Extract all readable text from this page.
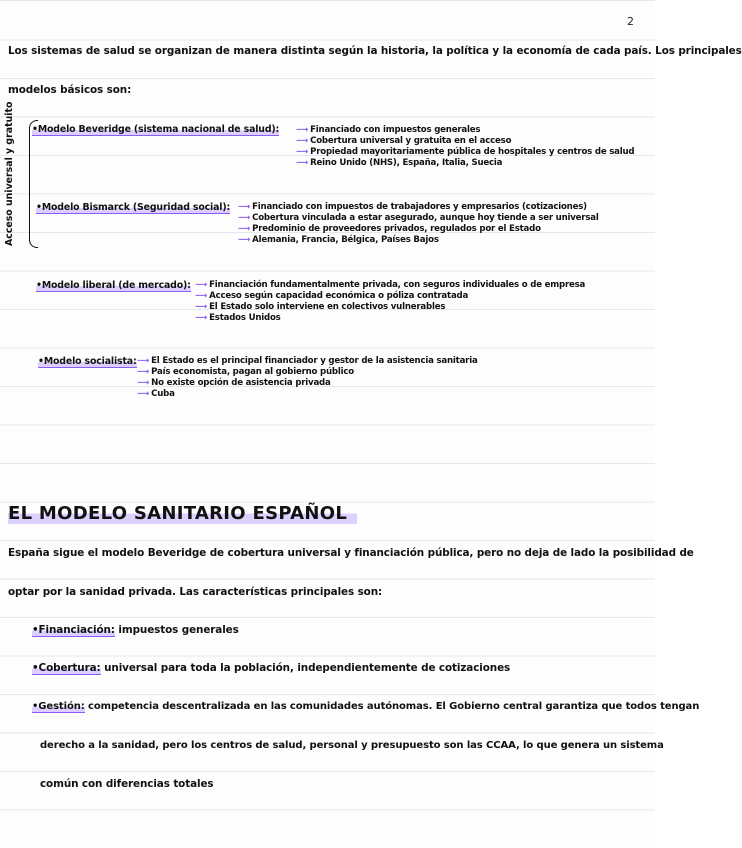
2
Los sistemas de salud se organizan de manera distinta según la historia, la política y la economía de cada país. Los principales
modelos básicos son:
Acceso universal y gratuito •Modelo Beveridge (sistema nacional de salud): ⟶ Financiado con impuestos generales
⟶ Cobertura universal y gratuita en el acceso
⟶ Propiedad mayoritariamente pública de hospitales y centros de salud
⟶ Reino Unido (NHS), España, Italia, Suecia
•Modelo Bismarck (Seguridad social): ⟶ Financiado con impuestos de trabajadores y empresarios (cotizaciones)
⟶ Cobertura vinculada a estar asegurado, aunque hoy tiende a ser universal
⟶ Predominio de proveedores privados, regulados por el Estado
⟶ Alemania, Francia, Bélgica, Países Bajos
•Modelo liberal (de mercado): ⟶ Financiación fundamentalmente privada, con seguros individuales o de empresa
⟶ Acceso según capacidad económica o póliza contratada
⟶ El Estado solo interviene en colectivos vulnerables
⟶ Estados Unidos
•Modelo socialista: ⟶ El Estado es el principal financiador y gestor de la asistencia sanitaria
⟶ País economista, pagan al gobierno público
⟶ No existe opción de asistencia privada
⟶ Cuba
EL MODELO SANITARIO ESPAÑOL
España sigue el modelo Beveridge de cobertura universal y financiación pública, pero no deja de lado la posibilidad de
optar por la sanidad privada. Las características principales son:
•Financiación: impuestos generales
•Cobertura: universal para toda la población, independientemente de cotizaciones
•Gestión: competencia descentralizada en las comunidades autónomas. El Gobierno central garantiza que todos tengan
derecho a la sanidad, pero los centros de salud, personal y presupuesto son las CCAA, lo que genera un sistema
común con diferencias totales
